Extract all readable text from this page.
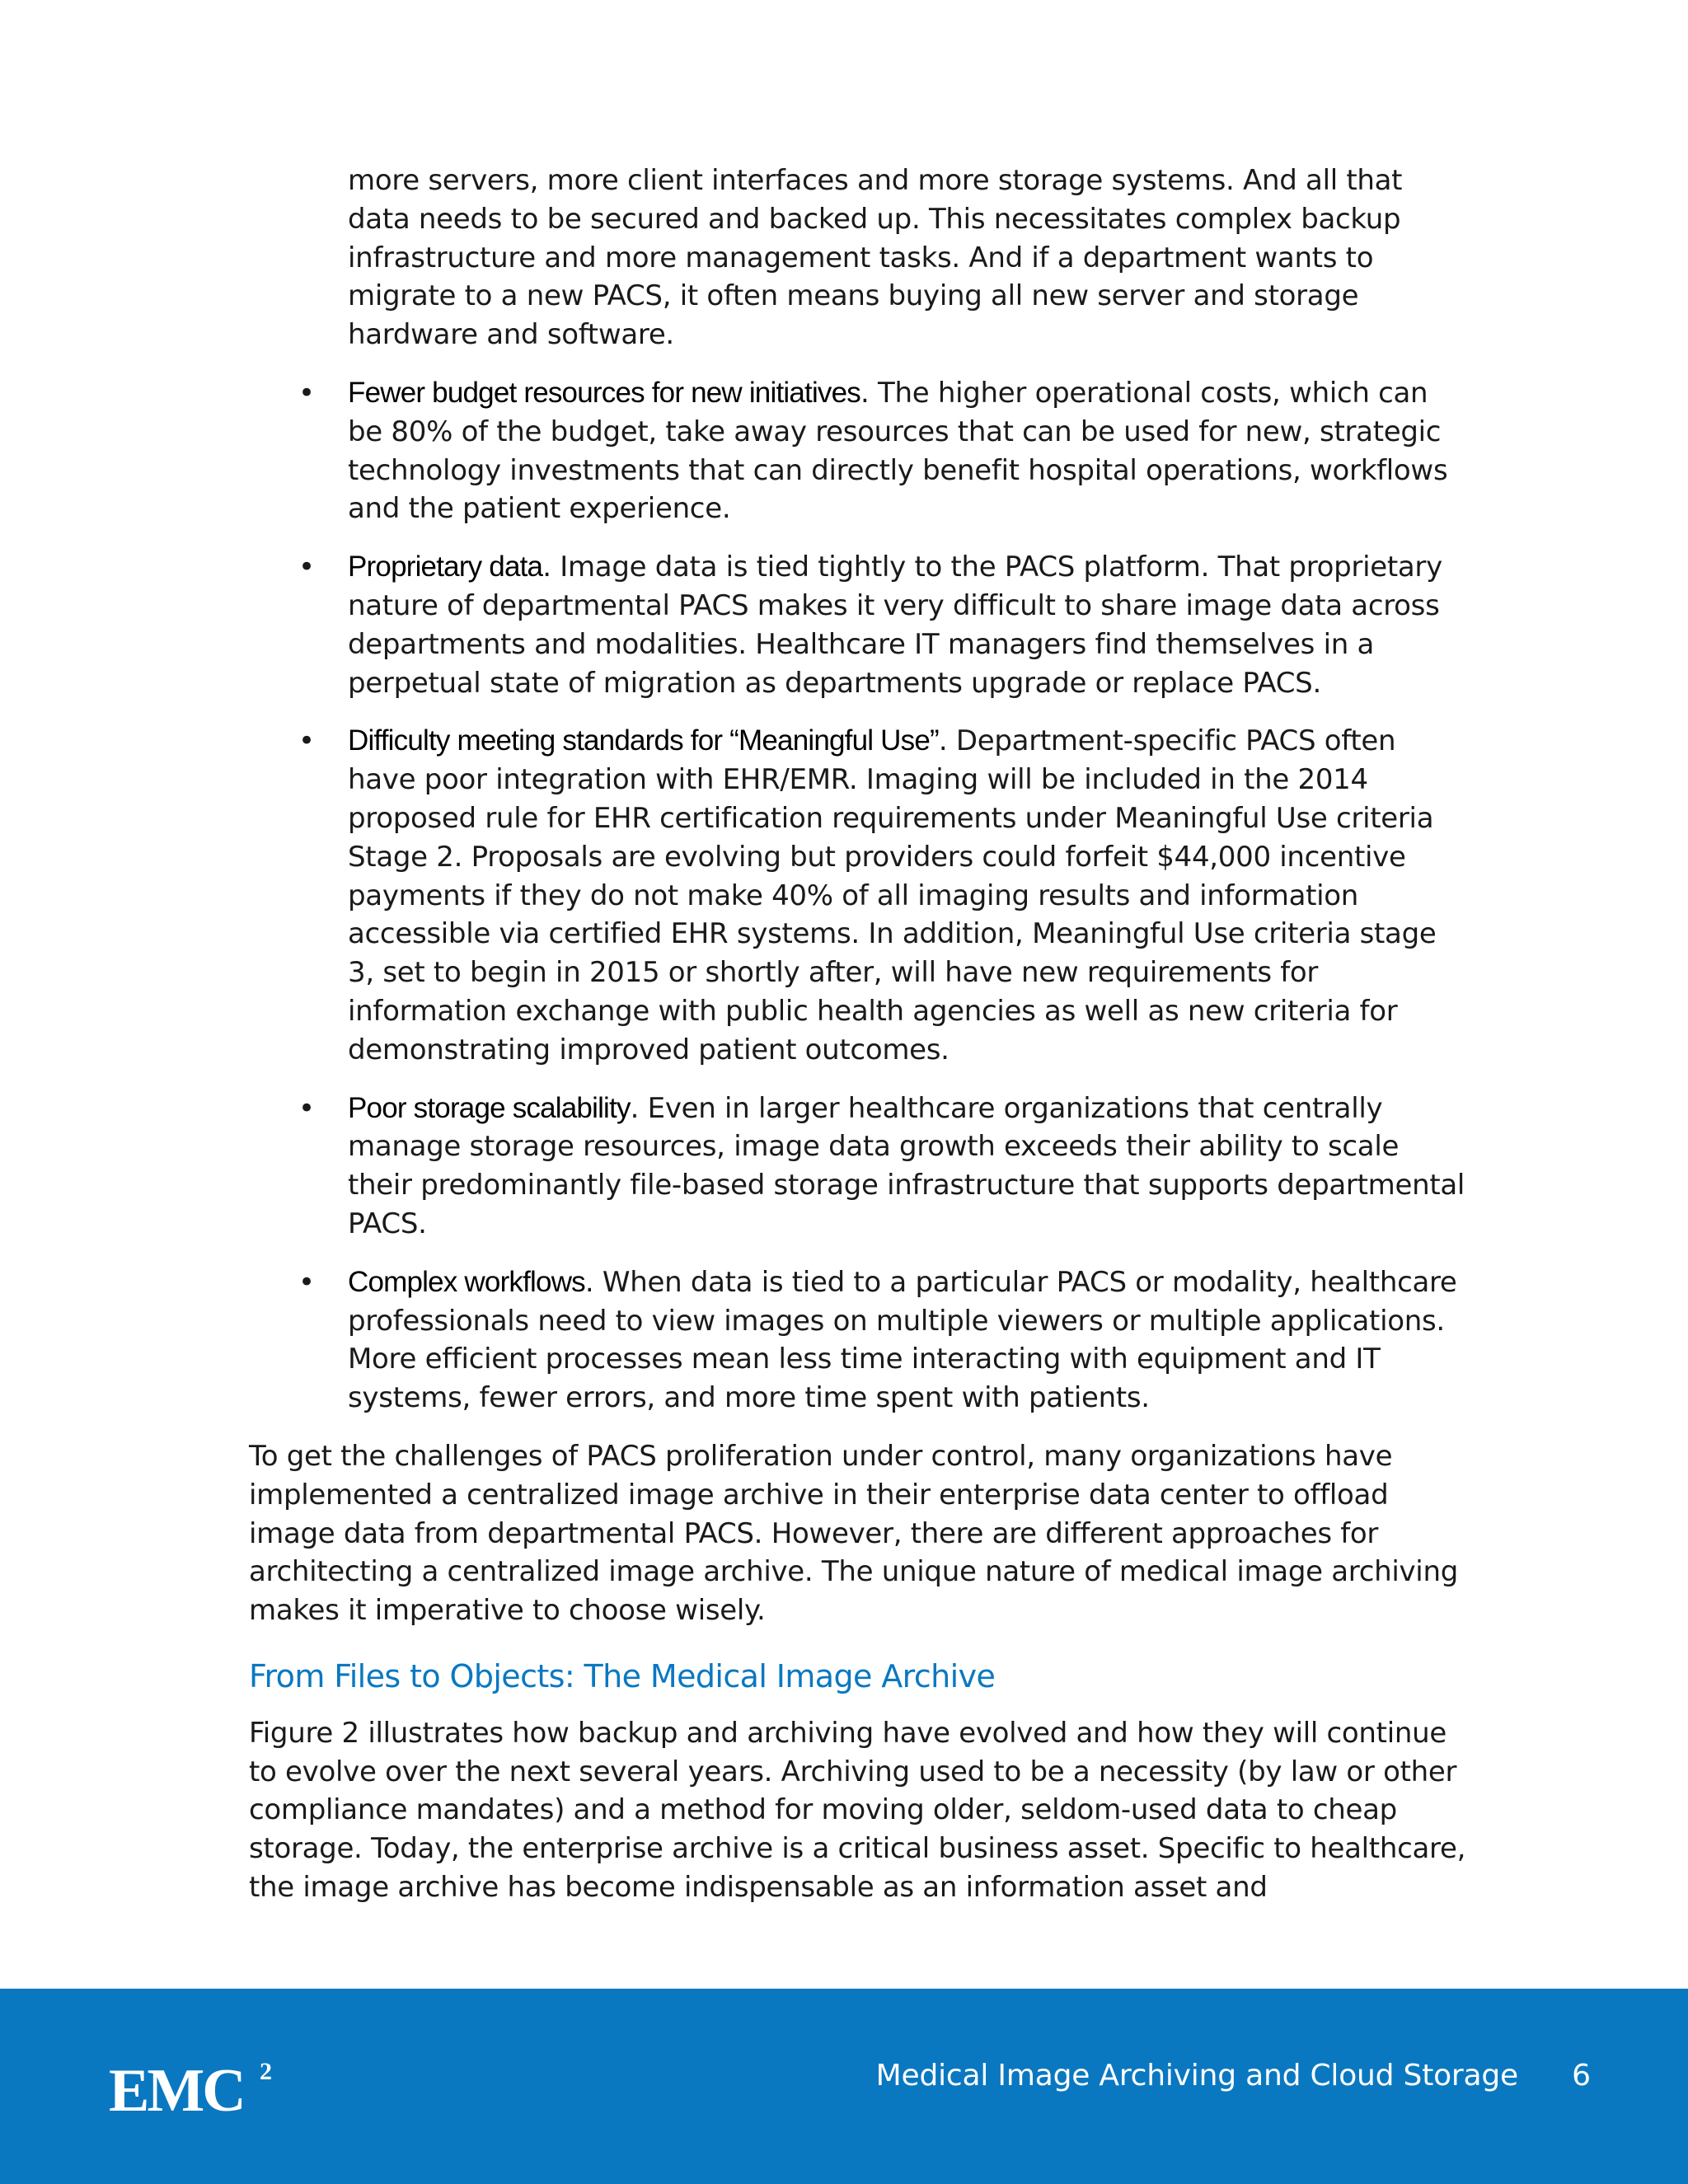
more servers, more client interfaces and more storage systems. And all that data needs to be secured and backed up. This necessitates complex backup infrastructure and more management tasks. And if a department wants to migrate to a new PACS, it often means buying all new server and storage hardware and software.

• Fewer budget resources for new initiatives. The higher operational costs, which can be 80% of the budget, take away resources that can be used for new, strategic technology investments that can directly benefit hospital operations, workflows and the patient experience.
• Proprietary data. Image data is tied tightly to the PACS platform. That proprietary nature of departmental PACS makes it very difficult to share image data across departments and modalities. Healthcare IT managers find themselves in a perpetual state of migration as departments upgrade or replace PACS.
• Difficulty meeting standards for “Meaningful Use”. Department-specific PACS often have poor integration with EHR/EMR. Imaging will be included in the 2014 proposed rule for EHR certification requirements under Meaningful Use criteria Stage 2. Proposals are evolving but providers could forfeit $44,000 incentive payments if they do not make 40% of all imaging results and information accessible via certified EHR systems. In addition, Meaningful Use criteria stage 3, set to begin in 2015 or shortly after, will have new requirements for information exchange with public health agencies as well as new criteria for demonstrating improved patient outcomes.
• Poor storage scalability. Even in larger healthcare organizations that centrally manage storage resources, image data growth exceeds their ability to scale their predominantly file-based storage infrastructure that supports departmental PACS.
• Complex workflows. When data is tied to a particular PACS or modality, healthcare professionals need to view images on multiple viewers or multiple applications. More efficient processes mean less time interacting with equipment and IT systems, fewer errors, and more time spent with patients.

To get the challenges of PACS proliferation under control, many organizations have implemented a centralized image archive in their enterprise data center to offload image data from departmental PACS. However, there are different approaches for architecting a centralized image archive. The unique nature of medical image archiving makes it imperative to choose wisely.

From Files to Objects: The Medical Image Archive

Figure 2 illustrates how backup and archiving have evolved and how they will continue to evolve over the next several years. Archiving used to be a necessity (by law or other compliance mandates) and a method for moving older, seldom-used data to cheap storage. Today, the enterprise archive is a critical business asset. Specific to healthcare, the image archive has become indispensable as an information asset and

EMC 2	Medical Image Archiving and Cloud Storage 6
